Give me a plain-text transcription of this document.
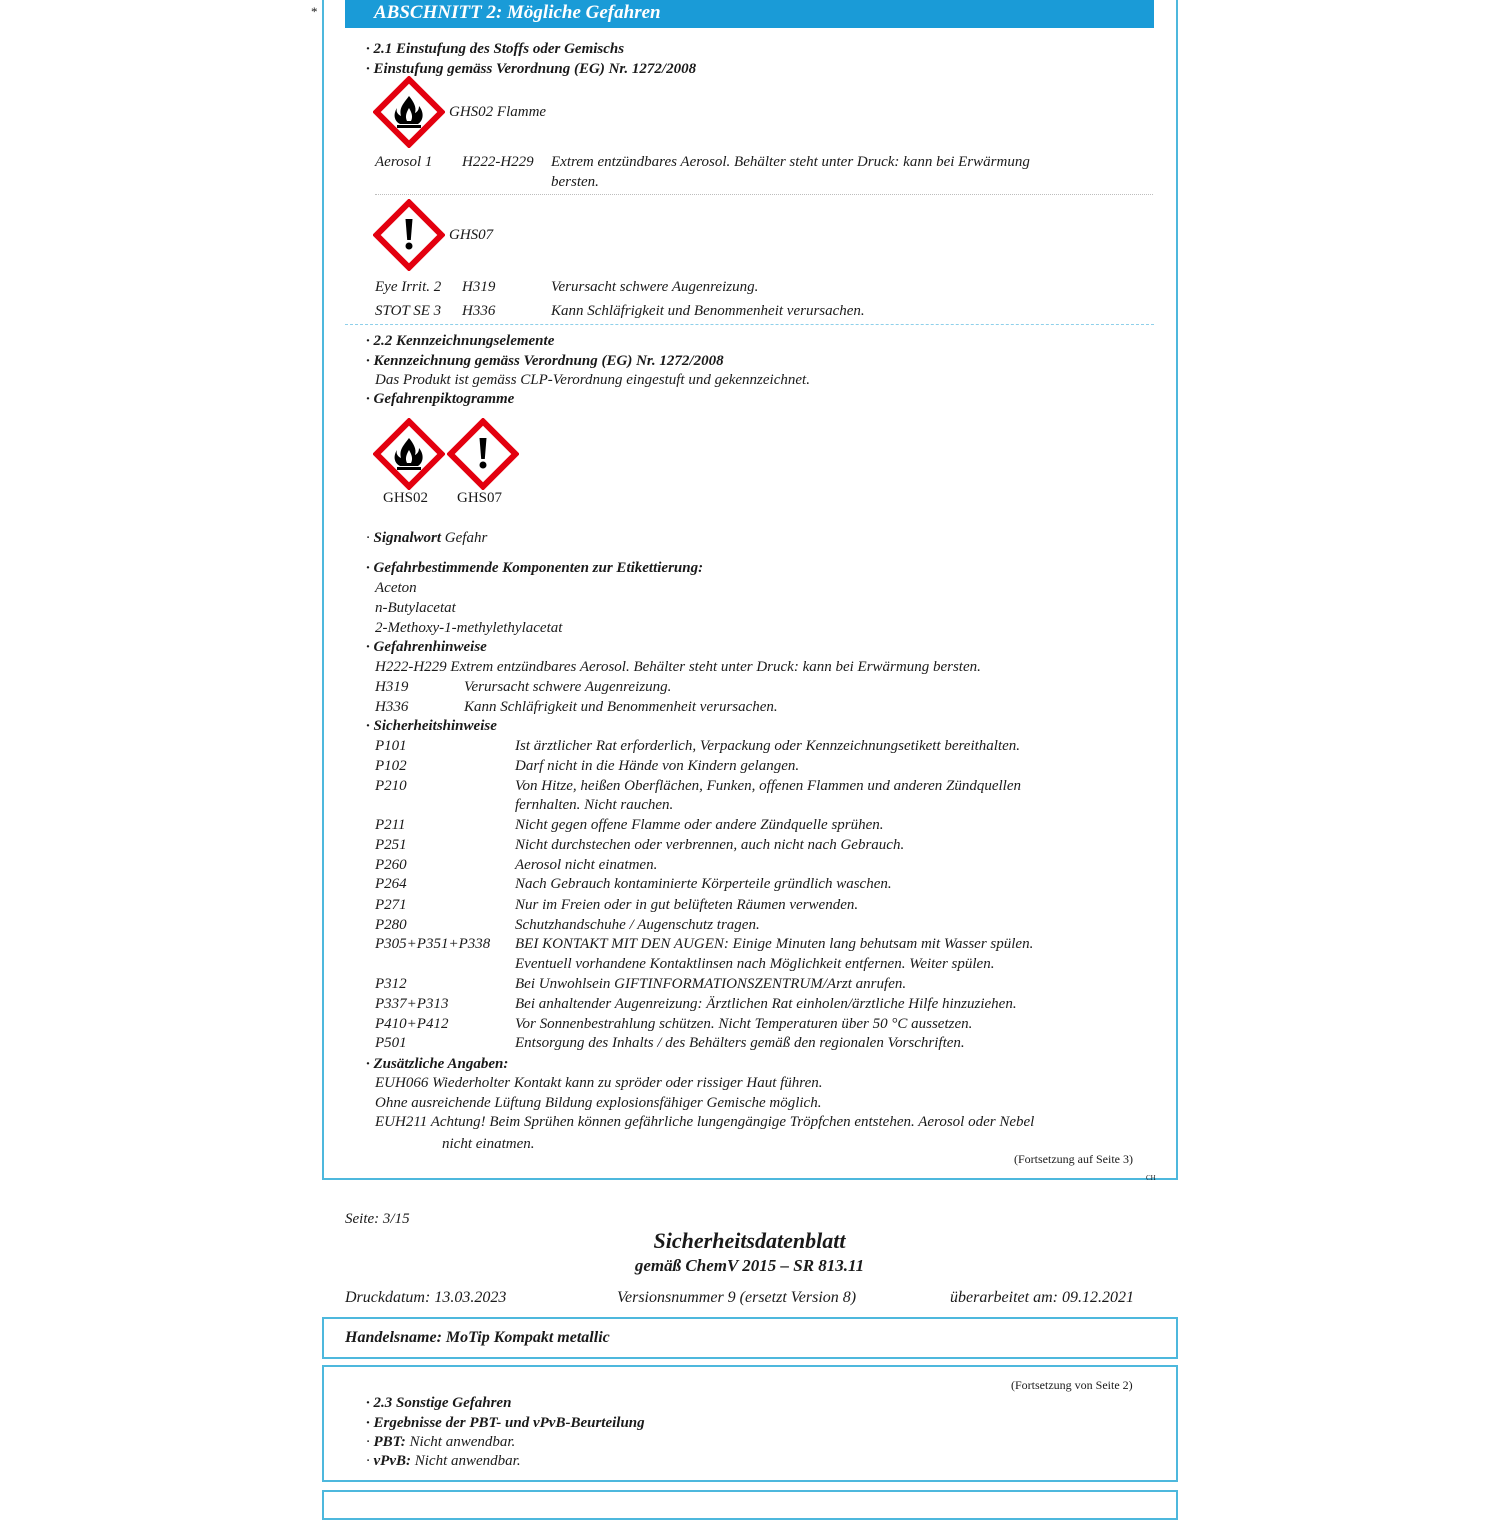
*	ABSCHNITT 2: Mögliche Gefahren
· 2.1 Einstufung des Stoffs oder Gemischs
· Einstufung gemäss Verordnung (EG) Nr. 1272/2008
GHS02 Flamme
Aerosol 1 H222-H229 Extrem entzündbares Aerosol. Behälter steht unter Druck: kann bei Erwärmung
bersten.
GHS07
Eye Irrit. 2 H319	Verursacht schwere Augenreizung.
STOT SE 3 H336	Kann Schläfrigkeit und Benommenheit verursachen.
· 2.2 Kennzeichnungselemente
· Kennzeichnung gemäss Verordnung (EG) Nr. 1272/2008
Das Produkt ist gemäss CLP-Verordnung eingestuft und gekennzeichnet.
· Gefahrenpiktogramme
GHS02 GHS07
· Signalwort Gefahr
· Gefahrbestimmende Komponenten zur Etikettierung:
Aceton
n-Butylacetat
2-Methoxy-1-methylethylacetat
· Gefahrenhinweise
H222-H229 Extrem entzündbares Aerosol. Behälter steht unter Druck: kann bei Erwärmung bersten.
H319	Verursacht schwere Augenreizung.
H336	Kann Schläfrigkeit und Benommenheit verursachen.
· Sicherheitshinweise
P101	Ist ärztlicher Rat erforderlich, Verpackung oder Kennzeichnungsetikett bereithalten.
P102	Darf nicht in die Hände von Kindern gelangen.
P210	Von Hitze, heißen Oberflächen, Funken, offenen Flammen und anderen Zündquellen
fernhalten. Nicht rauchen.
P211	Nicht gegen offene Flamme oder andere Zündquelle sprühen.
P251	Nicht durchstechen oder verbrennen, auch nicht nach Gebrauch.
P260	Aerosol nicht einatmen.
P264	Nach Gebrauch kontaminierte Körperteile gründlich waschen.
P271	Nur im Freien oder in gut belüfteten Räumen verwenden.
P280	Schutzhandschuhe / Augenschutz tragen.
P305+P351+P338 BEI KONTAKT MIT DEN AUGEN: Einige Minuten lang behutsam mit Wasser spülen.
Eventuell vorhandene Kontaktlinsen nach Möglichkeit entfernen. Weiter spülen.
P312	Bei Unwohlsein GIFTINFORMATIONSZENTRUM/Arzt anrufen.
P337+P313	Bei anhaltender Augenreizung: Ärztlichen Rat einholen/ärztliche Hilfe hinzuziehen.
P410+P412	Vor Sonnenbestrahlung schützen. Nicht Temperaturen über 50 °C aussetzen.
P501	Entsorgung des Inhalts / des Behälters gemäß den regionalen Vorschriften.
· Zusätzliche Angaben:
EUH066 Wiederholter Kontakt kann zu spröder oder rissiger Haut führen.
Ohne ausreichende Lüftung Bildung explosionsfähiger Gemische möglich.
EUH211 Achtung! Beim Sprühen können gefährliche lungengängige Tröpfchen entstehen. Aerosol oder Nebel
nicht einatmen.
(Fortsetzung auf Seite 3)
CH
Seite: 3/15
Sicherheitsdatenblatt
gemäß ChemV 2015 – SR 813.11
Druckdatum: 13.03.2023	Versionsnummer 9 (ersetzt Version 8)	überarbeitet am: 09.12.2021
Handelsname: MoTip Kompakt metallic
(Fortsetzung von Seite 2)
· 2.3 Sonstige Gefahren
· Ergebnisse der PBT- und vPvB-Beurteilung
· PBT: Nicht anwendbar.
· vPvB: Nicht anwendbar.
